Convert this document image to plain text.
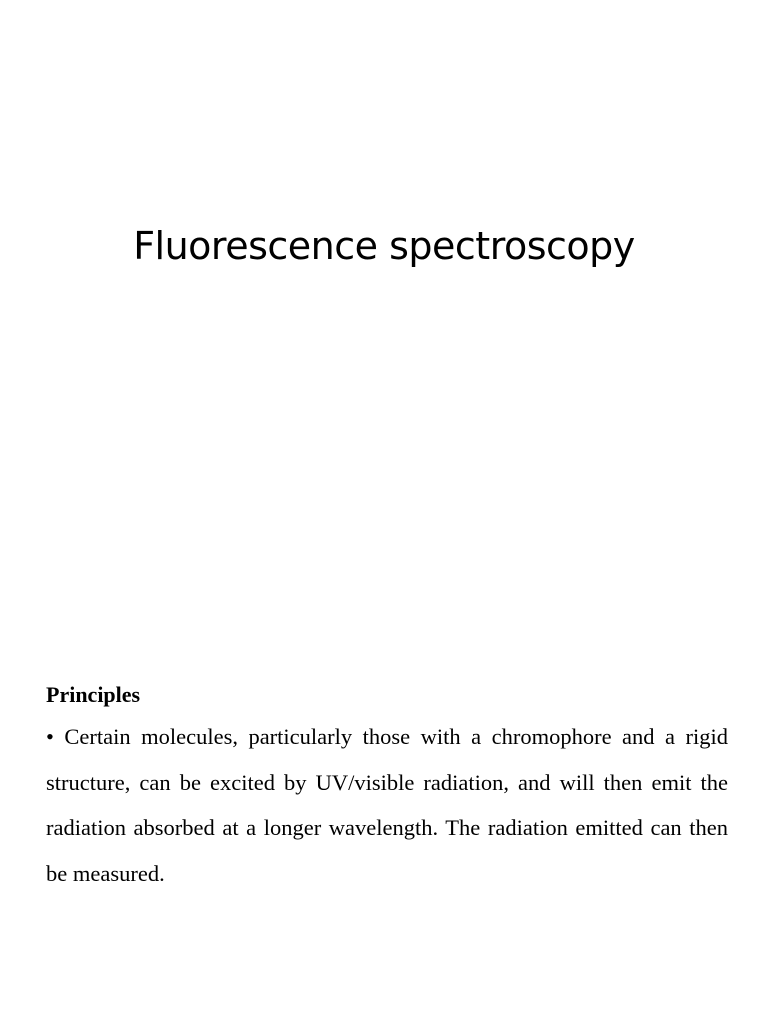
Fluorescence spectroscopy

Principles

• Certain molecules, particularly those with a chromophore and a rigid structure, can be excited by UV/visible radiation, and will then emit the radiation absorbed at a longer wavelength. The radiation emitted can then be measured.
